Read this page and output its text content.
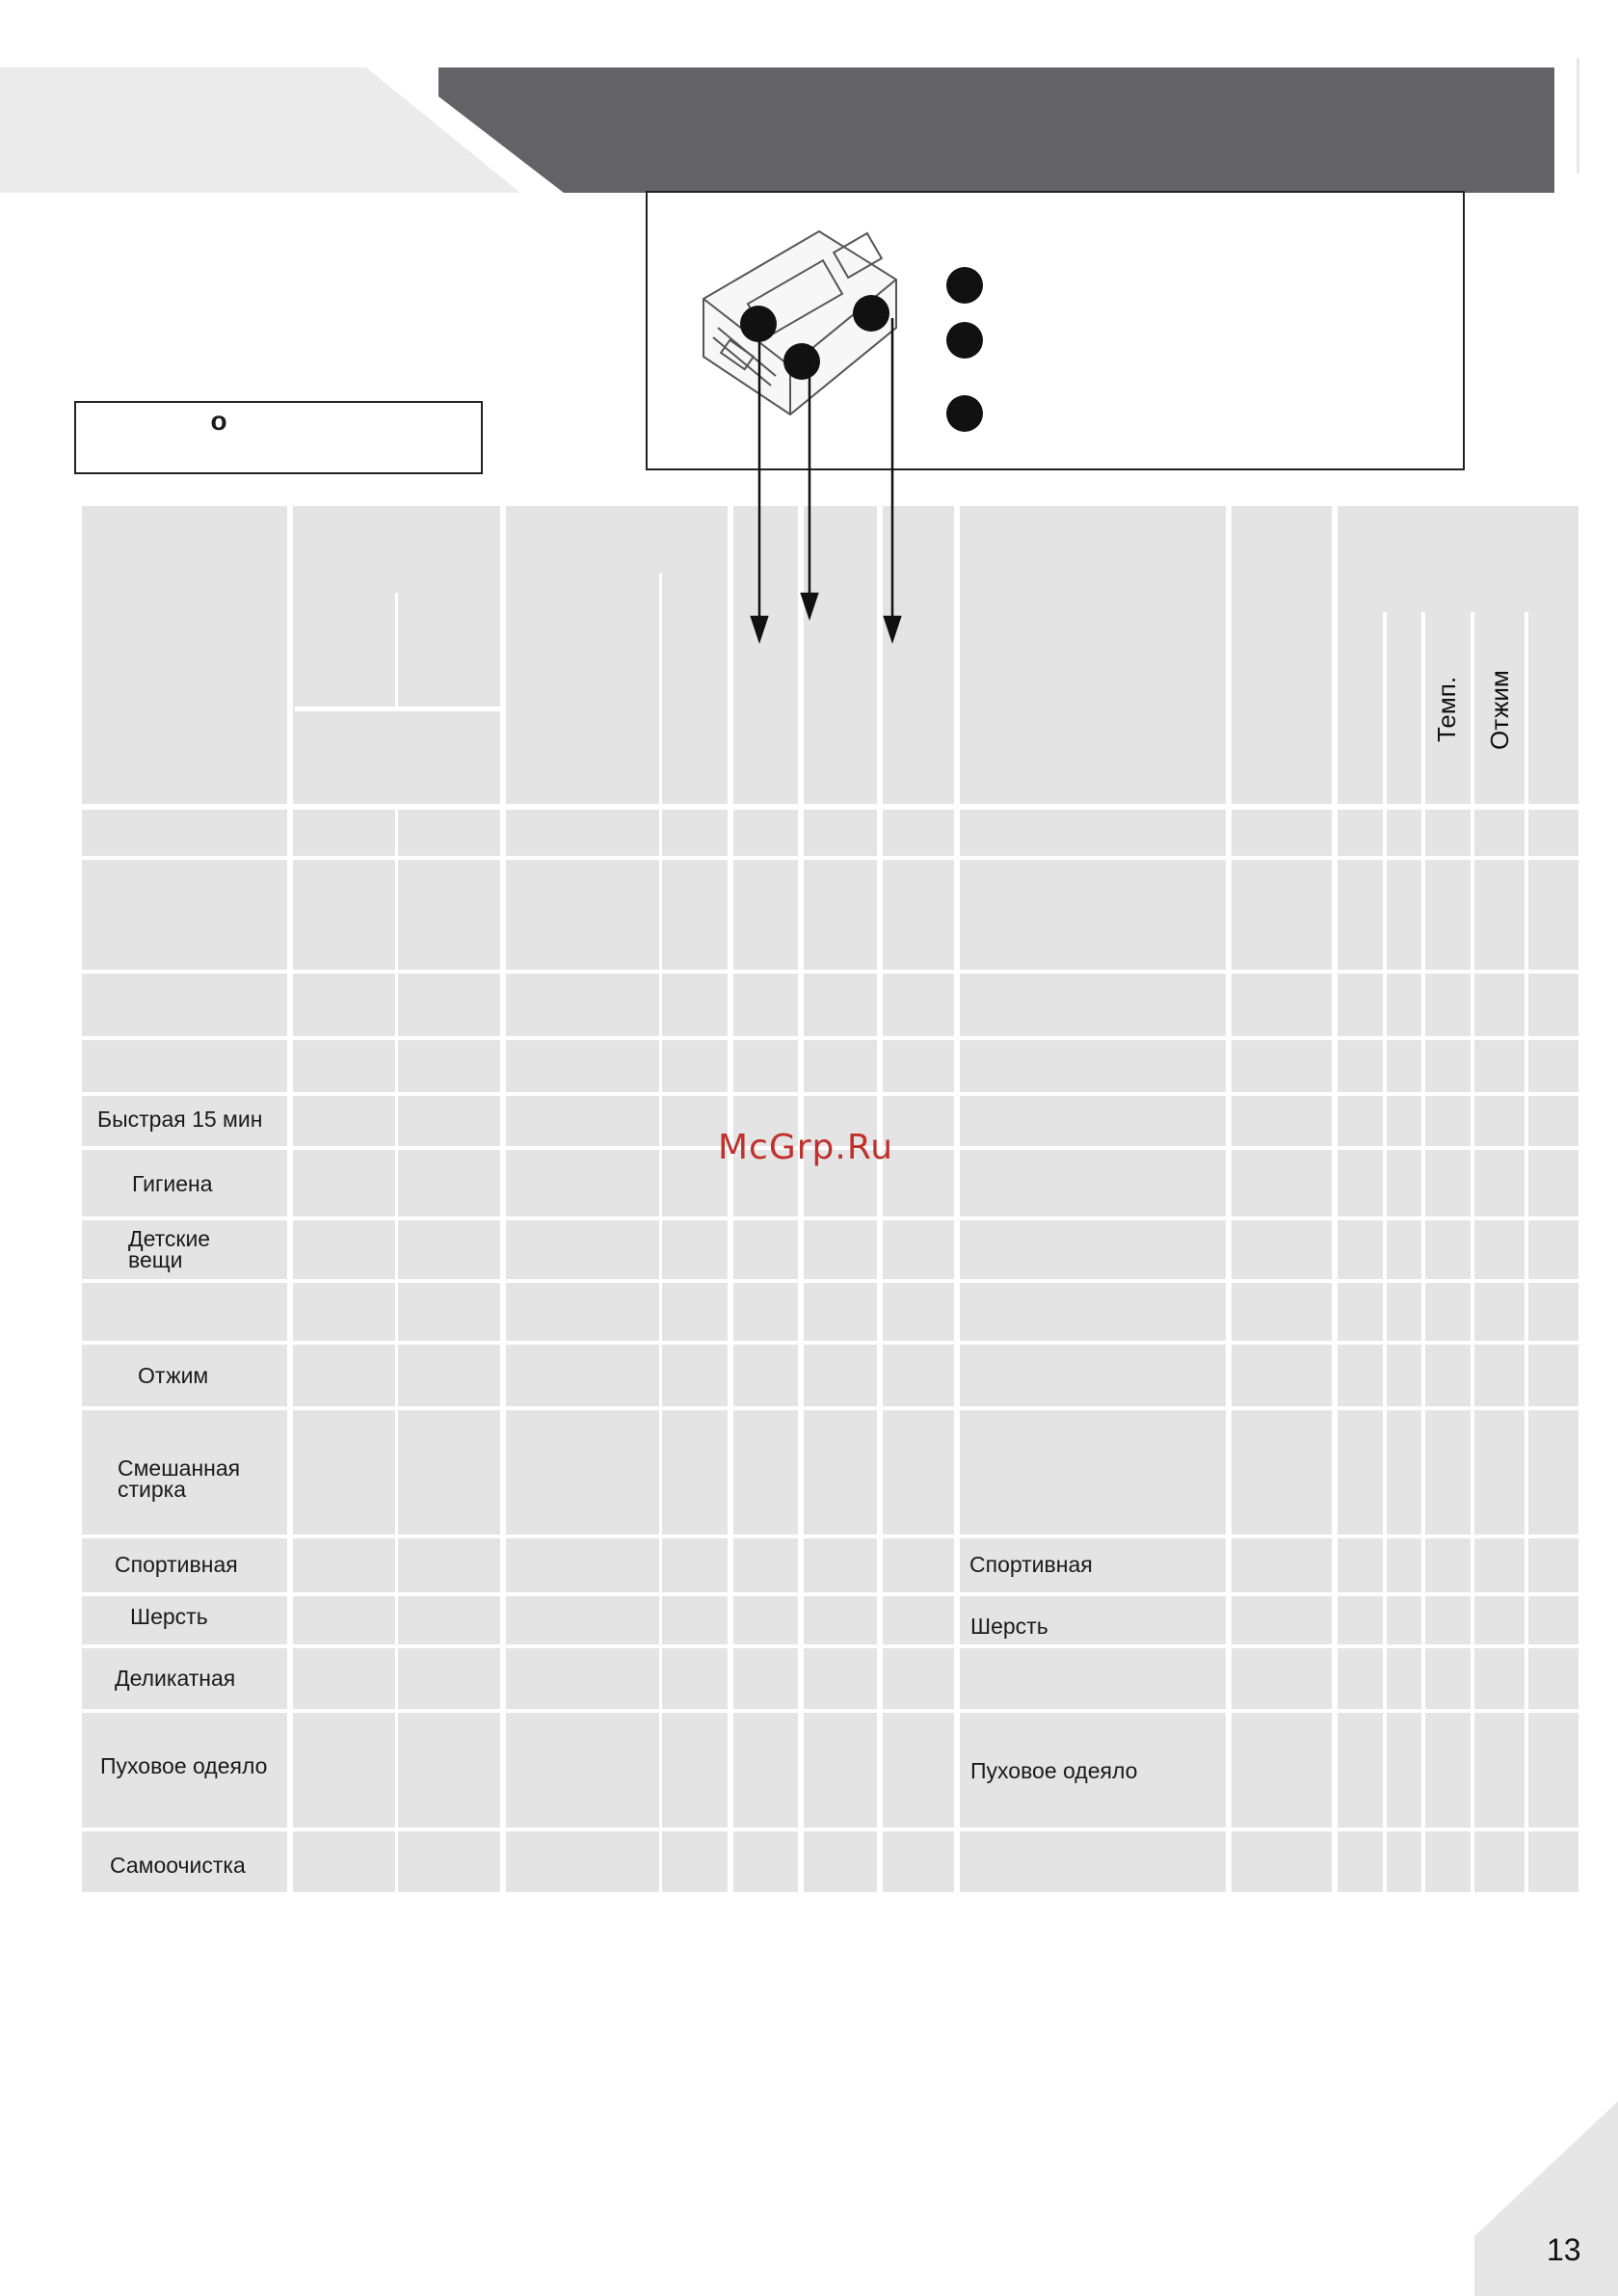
o
Темп. Отжим
Быстрая 15 мин
Гигиена
Детские вещи
Отжим
Смешанная стирка
Спортивная
Шерсть
Деликатная
Пуховое одеяло
Самоочистка
Спортивная
Шерсть
Пуховое одеяло
McGrp.Ru
13
